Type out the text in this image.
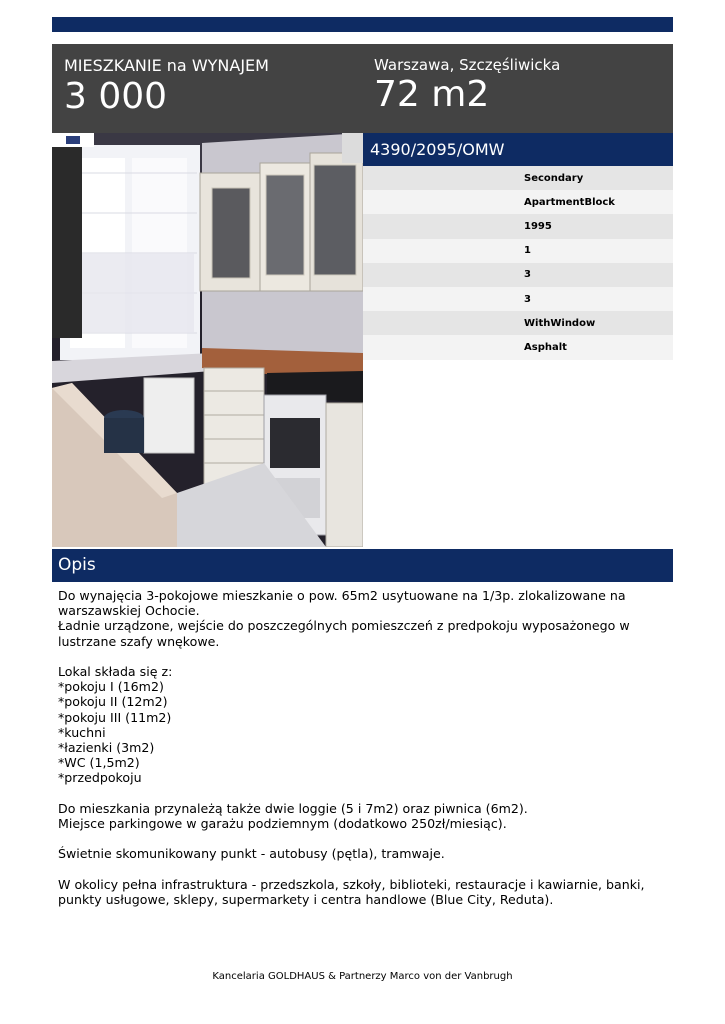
MIESZKANIE na WYNAJEM
3 000
Warszawa, Szczęśliwicka
72 m2
4390/2095/OMW
Secondary
ApartmentBlock
1995
1
3
3
WithWindow
Asphalt
Opis

Do wynajęcia 3-pokojowe mieszkanie o pow. 65m2 usytuowane na 1/3p. zlokalizowane na warszawskiej Ochocie.

Ładnie urządzone, wejście do poszczególnych pomieszczeń z predpokoju wyposażonego w lustrzane szafy wnękowe.

Lokal składa się z:

*pokoju I (16m2)

*pokoju II (12m2)

*pokoju III (11m2)

*kuchni

*łazienki (3m2)

*WC (1,5m2)

*przedpokoju

Do mieszkania przynależą także dwie loggie (5 i 7m2) oraz piwnica (6m2).

Miejsce parkingowe w garażu podziemnym (dodatkowo 250zł/miesiąc).

Świetnie skomunikowany punkt - autobusy (pętla), tramwaje.

W okolicy pełna infrastruktura - przedszkola, szkoły, biblioteki, restauracje i kawiarnie, banki, punkty usługowe, sklepy, supermarkety i centra handlowe (Blue City, Reduta).

Kancelaria GOLDHAUS & Partnerzy Marco von der Vanbrugh
